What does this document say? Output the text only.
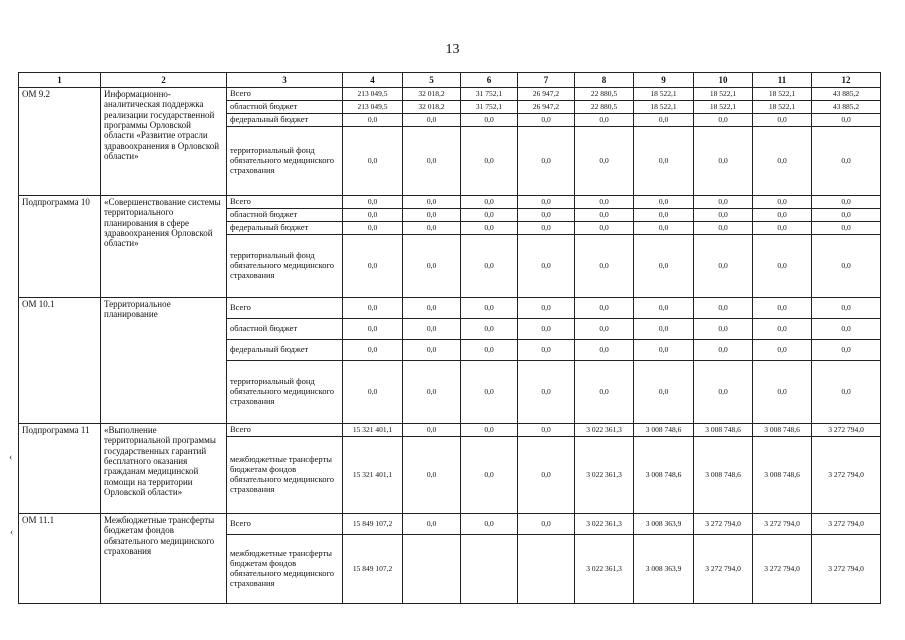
13
1	2	3	4	5	6	7	8	9	10	11	12
ОМ 9.2	Информационно-аналитическая поддержка реализации государственной программы Орловской области «Развитие отрасли здравоохранения в Орловской области»	Всего	213 049,5	32 018,2	31 752,1	26 947,2	22 880,5	18 522,1	18 522,1	18 522,1	43 885,2
		областной бюджет	213 049,5	32 018,2	31 752,1	26 947,2	22 880,5	18 522,1	18 522,1	18 522,1	43 885,2
		федеральный бюджет	0,0	0,0	0,0	0,0	0,0	0,0	0,0	0,0	0,0
		территориальный фонд обязательного медицинского страхования	0,0	0,0	0,0	0,0	0,0	0,0	0,0	0,0	0,0
Подпрограмма 10	«Совершенствование системы территориального планирования в сфере здравоохранения Орловской области»	Всего	0,0	0,0	0,0	0,0	0,0	0,0	0,0	0,0	0,0
		областной бюджет	0,0	0,0	0,0	0,0	0,0	0,0	0,0	0,0	0,0
		федеральный бюджет	0,0	0,0	0,0	0,0	0,0	0,0	0,0	0,0	0,0
		территориальный фонд обязательного медицинского страхования	0,0	0,0	0,0	0,0	0,0	0,0	0,0	0,0	0,0
ОМ 10.1	Территориальное планирование	Всего	0,0	0,0	0,0	0,0	0,0	0,0	0,0	0,0	0,0
		областной бюджет	0,0	0,0	0,0	0,0	0,0	0,0	0,0	0,0	0,0
		федеральный бюджет	0,0	0,0	0,0	0,0	0,0	0,0	0,0	0,0	0,0
		территориальный фонд обязательного медицинского страхования	0,0	0,0	0,0	0,0	0,0	0,0	0,0	0,0	0,0
Подпрограмма 11	«Выполнение территориальной программы государственных гарантий бесплатного оказания гражданам медицинской помощи на территории Орловской области»	Всего	15 321 401,1	0,0	0,0	0,0	3 022 361,3	3 008 748,6	3 008 748,6	3 008 748,6	3 272 794,0
		межбюджетные трансферты бюджетам фондов обязательного медицинского страхования	15 321 401,1	0,0	0,0	0,0	3 022 361,3	3 008 748,6	3 008 748,6	3 008 748,6	3 272 794,0
ОМ 11.1	Межбюджетные трансферты бюджетам фондов обязательного медицинского страхования	Всего	15 849 107,2	0,0	0,0	0,0	3 022 361,3	3 008 363,9	3 272 794,0	3 272 794,0	3 272 794,0
		межбюджетные трансферты бюджетам фондов обязательного медицинского страхования	15 849 107,2				3 022 361,3	3 008 363,9	3 272 794,0	3 272 794,0	3 272 794,0
‹
‹
